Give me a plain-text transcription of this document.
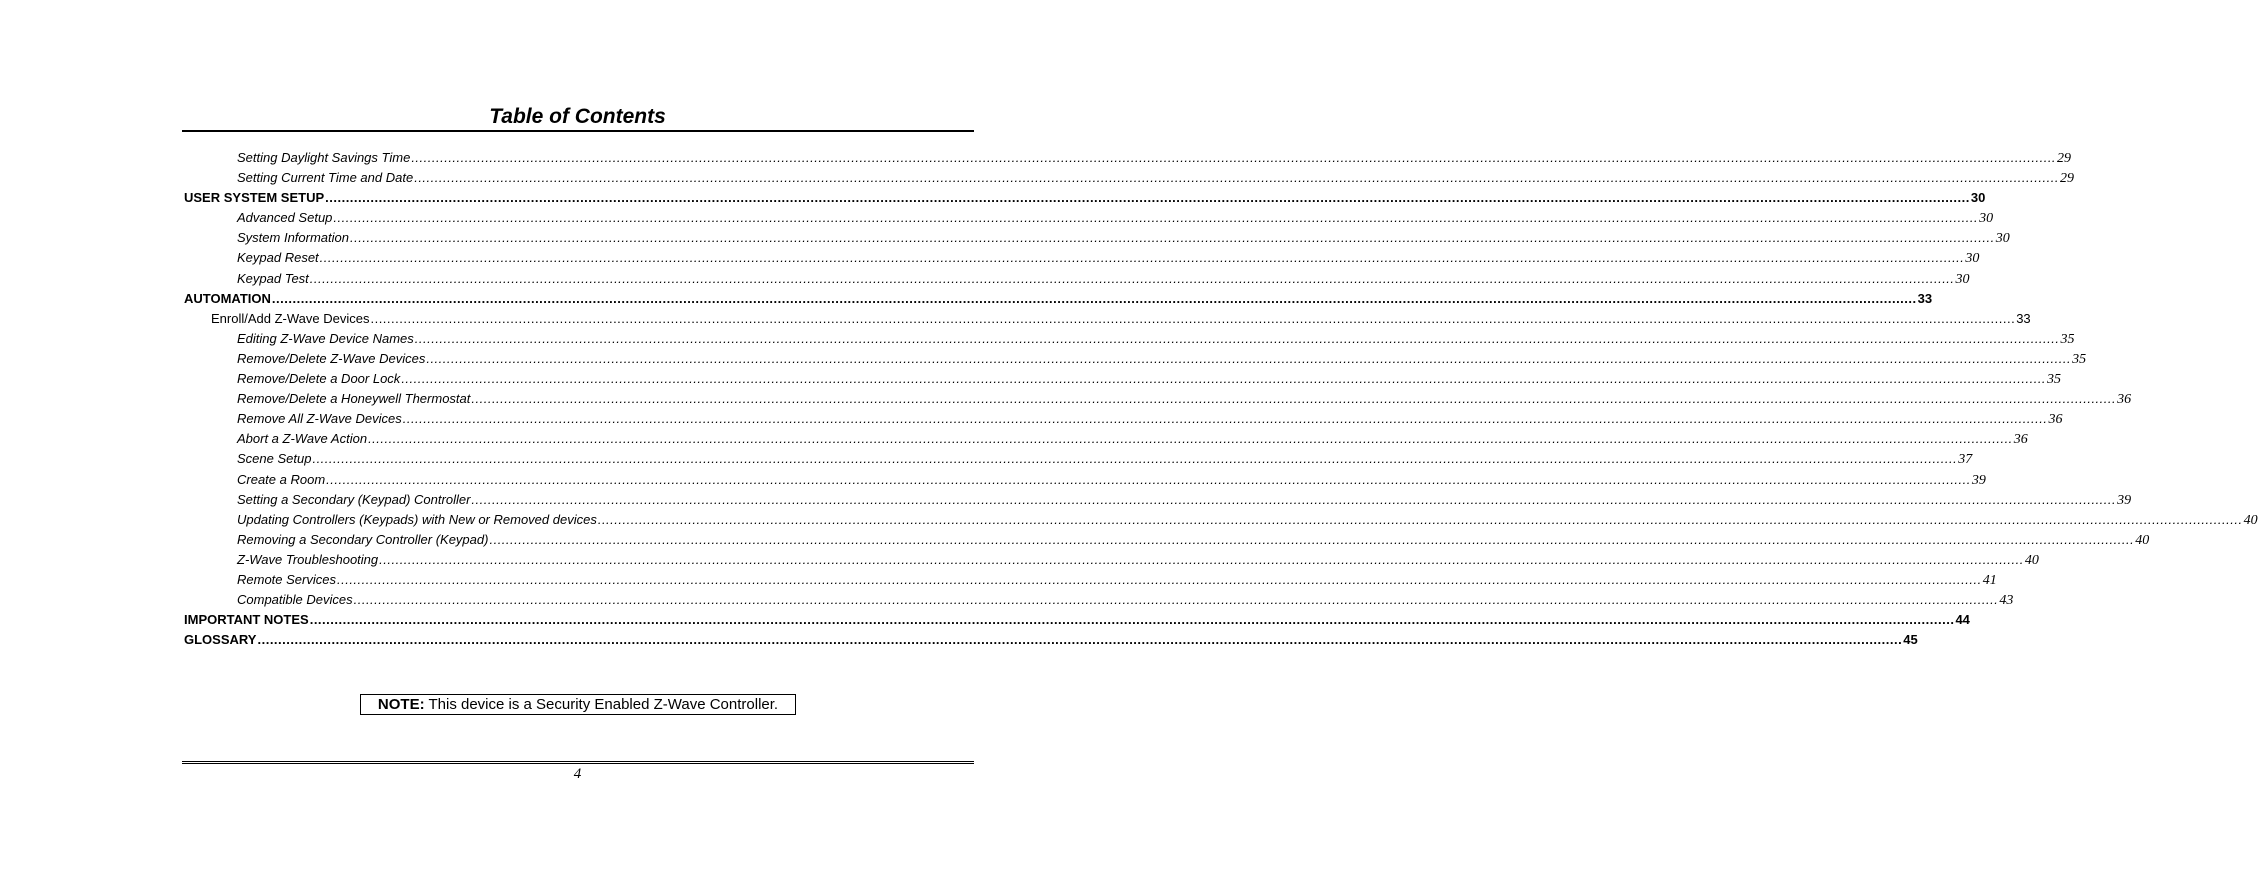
Table of Contents
Setting Daylight Savings Time ................................................................................................................................................................................................................................................................................................................................................................................................................ 29
Setting Current Time and Date ................................................................................................................................................................................................................................................................................................................................................................................................................ 29
USER SYSTEM SETUP ................................................................................................................................................................................................................................................................................................................................................................................................................ 30
Advanced Setup ................................................................................................................................................................................................................................................................................................................................................................................................................ 30
System Information ................................................................................................................................................................................................................................................................................................................................................................................................................ 30
Keypad Reset ................................................................................................................................................................................................................................................................................................................................................................................................................ 30
Keypad Test ................................................................................................................................................................................................................................................................................................................................................................................................................ 30
AUTOMATION ................................................................................................................................................................................................................................................................................................................................................................................................................ 33
Enroll/Add Z-Wave Devices ................................................................................................................................................................................................................................................................................................................................................................................................................ 33
Editing Z-Wave Device Names ................................................................................................................................................................................................................................................................................................................................................................................................................ 35
Remove/Delete Z-Wave Devices ................................................................................................................................................................................................................................................................................................................................................................................................................ 35
Remove/Delete a Door Lock ................................................................................................................................................................................................................................................................................................................................................................................................................ 35
Remove/Delete a Honeywell Thermostat ................................................................................................................................................................................................................................................................................................................................................................................................................ 36
Remove All Z-Wave Devices ................................................................................................................................................................................................................................................................................................................................................................................................................ 36
Abort a Z-Wave Action ................................................................................................................................................................................................................................................................................................................................................................................................................ 36
Scene Setup ................................................................................................................................................................................................................................................................................................................................................................................................................ 37
Create a Room ................................................................................................................................................................................................................................................................................................................................................................................................................ 39
Setting a Secondary (Keypad) Controller ................................................................................................................................................................................................................................................................................................................................................................................................................ 39
Updating Controllers (Keypads) with New or Removed devices ................................................................................................................................................................................................................................................................................................................................................................................................................ 40
Removing a Secondary Controller (Keypad) ................................................................................................................................................................................................................................................................................................................................................................................................................ 40
Z-Wave Troubleshooting ................................................................................................................................................................................................................................................................................................................................................................................................................ 40
Remote Services ................................................................................................................................................................................................................................................................................................................................................................................................................ 41
Compatible Devices ................................................................................................................................................................................................................................................................................................................................................................................................................ 43
IMPORTANT NOTES ................................................................................................................................................................................................................................................................................................................................................................................................................ 44
GLOSSARY ................................................................................................................................................................................................................................................................................................................................................................................................................ 45
NOTE: This device is a Security Enabled Z-Wave Controller.
4
